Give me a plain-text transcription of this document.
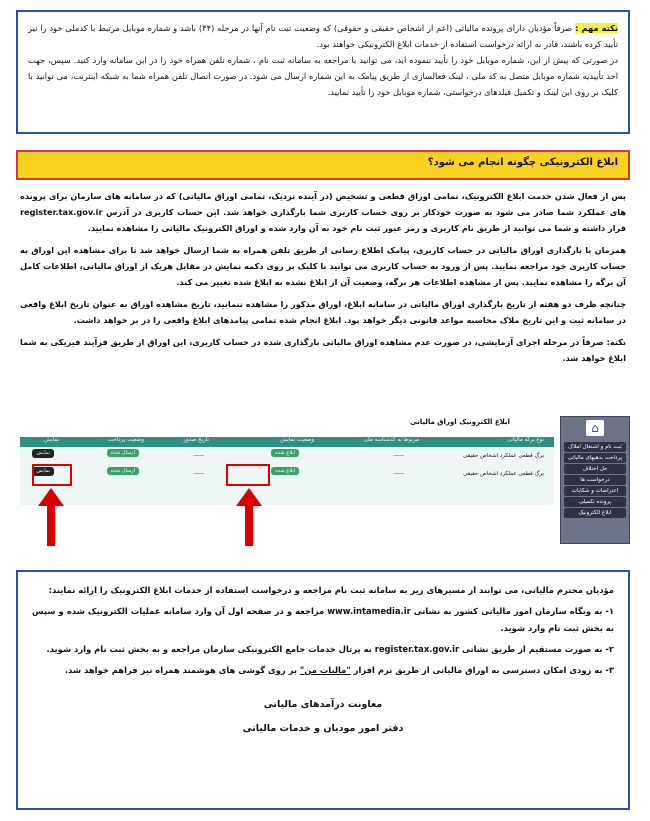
نکته مهم : صرفاً مؤدیان دارای پرونده مالیاتی (اعم از اشخاص حقیقی و حقوقی) که وضعیت ثبت نام آنها در مرحله (۴۴) باشد و شماره موبایل مرتبط با کدملی خود را نیز تأیید کرده باشند، قادر به ارائه درخواست استفاده از خدمات ابلاغ الکترونیکی خواهند بود.

در صورتی که پیش از این، شماره موبایل خود را تأیید ننموده اید، می توانید با مراجعه به سامانه ثبت نام ، شماره تلفن همراه خود را در این سامانه وارد کنید. سپس، جهت اخذ تأییدیه شماره موبایل متصل به کد ملی ، لینک فعالسازی از طریق پیامک به این شماره ارسال می شود. در صورت اتصال تلفن همراه شما به شبکه اینترنت، می توانید با کلیک بر روی این لینک و تکمیل فیلدهای درخواستی، شماره موبایل خود را تأیید نمایید.

ابلاغ الکترونیکی چگونه انجام می شود؟

پس از فعال شدن خدمت ابلاغ الکترونیک، تمامی اوراق قطعی و تشخیص (در آینده نزدیک، تمامی اوراق مالیاتی) که در سامانه های سازمان برای پرونده های عملکرد شما صادر می شود به صورت خودکار بر روی حساب کاربری شما بارگذاری خواهد شد. این حساب کاربری در آدرس register.tax.gov.ir قرار داشته و شما می توانید از طریق نام کاربری و رمز عبور ثبت نام خود به آن وارد شده و اوراق الکترونیک مالیاتی را مشاهده نمایید.

همزمان با بارگذاری اوراق مالیاتی در حساب کاربری، پیامک اطلاع رسانی از طریق تلفن همراه به شما ارسال خواهد شد تا برای مشاهده این اوراق به حساب کاربری خود مراجعه نمایید. پس از ورود به حساب کاربری می توانید با کلیک بر روی دکمه نمایش در مقابل هریک از اوراق مالیاتی، اطلاعات کامل آن برگه را مشاهده نمایید. پس از مشاهده اطلاعات هر برگه، وضعیت آن از ابلاغ نشده به ابلاغ شده تغییر می کند.

چنانچه ظرف دو هفته از تاریخ بارگذاری اوراق مالیاتی در سامانه ابلاغ، اوراق مذکور را مشاهده ننمایید، تاریخ مشاهده اوراق به عنوان تاریخ ابلاغ واقعی در سامانه ثبت و این تاریخ ملاک محاسبه مواعد قانونی دیگر خواهد بود. ابلاغ انجام شده تمامی پیامدهای ابلاغ واقعی را در بر خواهد داشت.

نکته: صرفاً در مرحله اجرای آزمایشی، در صورت عدم مشاهده اوراق مالیاتی بارگذاری شده در حساب کاربری، این اوراق از طریق فرآیند فیزیکی به شما ابلاغ خواهد شد.

ابلاغ الکترونیک اوراق مالیاتی	⌂
ثبت نام و اشتغال املاک
پرداخت بدهیهای مالیاتی
حل اختلاف
درخواست ها
اعتراضات و شکایات
پرونده تکمیلی
ابلاغ الکترونیک
نوع برگه مالیاتی
مربوط به کدشناسه ملی
وضعیت نمایش
تاریخ صدور
وضعیت پرداخت
نمایش
برگ قطعی عملکرد اشخاص حقیقی
-----
ابلاغ شده
-----
ارسال شده
نمایش
برگ قطعی عملکرد اشخاص حقیقی
-----
ابلاغ شده
-----
ارسال شده
نمایش

مؤدیان محترم مالیاتی، می توانند از مسیرهای زیر به سامانه ثبت نام مراجعه و درخواست استفاده از خدمات ابلاغ الکترونیک را ارائه نمایند:

۱- به وبگاه سازمان امور مالیاتی کشور به نشانی www.intamedia.ir مراجعه و در صفحه اول آن وارد سامانه عملیات الکترونیک شده و سپس به بخش ثبت نام وارد شوید.

۲- به صورت مستقیم از طریق نشانی register.tax.gov.ir به پرتال خدمات جامع الکترونیکی سازمان مراجعه و به بخش ثبت نام وارد شوید.

۳- به زودی امکان دسترسی به اوراق مالیاتی از طریق نرم افزار "مالیات من" بر روی گوشی های هوشمند همراه نیز فراهم خواهد شد.

معاونت درآمدهای مالیاتی
دفتر امور مودیان و خدمات مالیاتی
